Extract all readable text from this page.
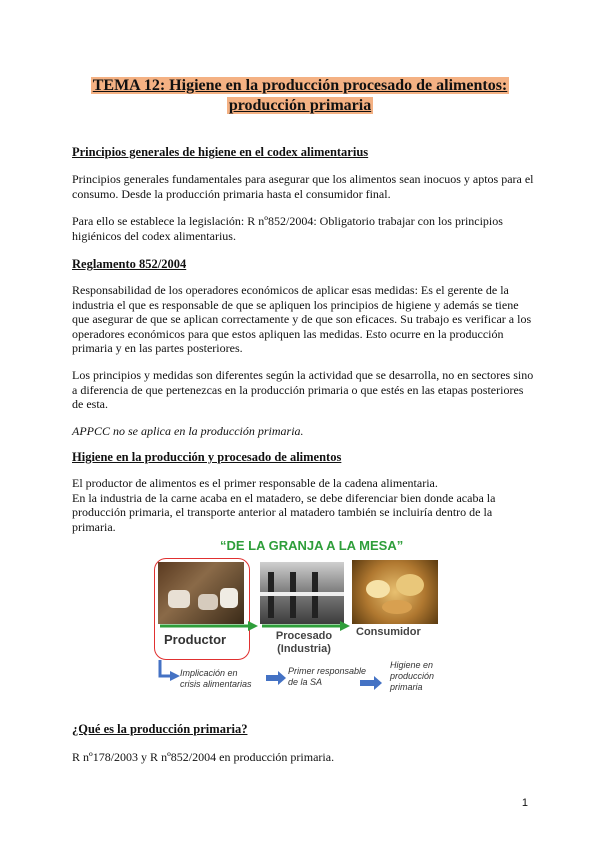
TEMA 12: Higiene en la producción procesado de alimentos:
producción primaria
Principios generales de higiene en el codex alimentarius
Principios generales fundamentales para asegurar que los alimentos sean inocuos y aptos para el consumo. Desde la producción primaria hasta el consumidor final.
Para ello se establece la legislación: R nº852/2004: Obligatorio trabajar con los principios higiénicos del codex alimentarius.
Reglamento 852/2004
Responsabilidad de los operadores económicos de aplicar esas medidas: Es el gerente de la industria el que es responsable de que se apliquen los principios de higiene y además se tiene que asegurar de que se aplican correctamente y de que son eficaces. Su trabajo es verificar a los operadores económicos para que estos apliquen las medidas. Esto ocurre en la producción primaria y en las partes posteriores.
Los principios y medidas son diferentes según la actividad que se desarrolla, no en sectores sino a diferencia de que pertenezcas en la producción primaria o que estés en las etapas posteriores de esta.
APPCC no se aplica en la producción primaria.
Higiene en la producción y procesado de alimentos
El productor de alimentos es el primer responsable de la cadena alimentaria.
En la industria de la carne acaba en el matadero, se debe diferenciar bien donde acaba la producción primaria, el transporte anterior al matadero también se incluiría dentro de la primaria.
“DE LA GRANJA A LA MESA”
Productor	Procesado
(Industria)
Consumidor
Implicación en
crisis alimentarias
Primer responsable
de la SA
Higiene en
producción
primaria
¿Qué es la producción primaria?
R nº178/2003 y R nº852/2004 en producción primaria.
1
